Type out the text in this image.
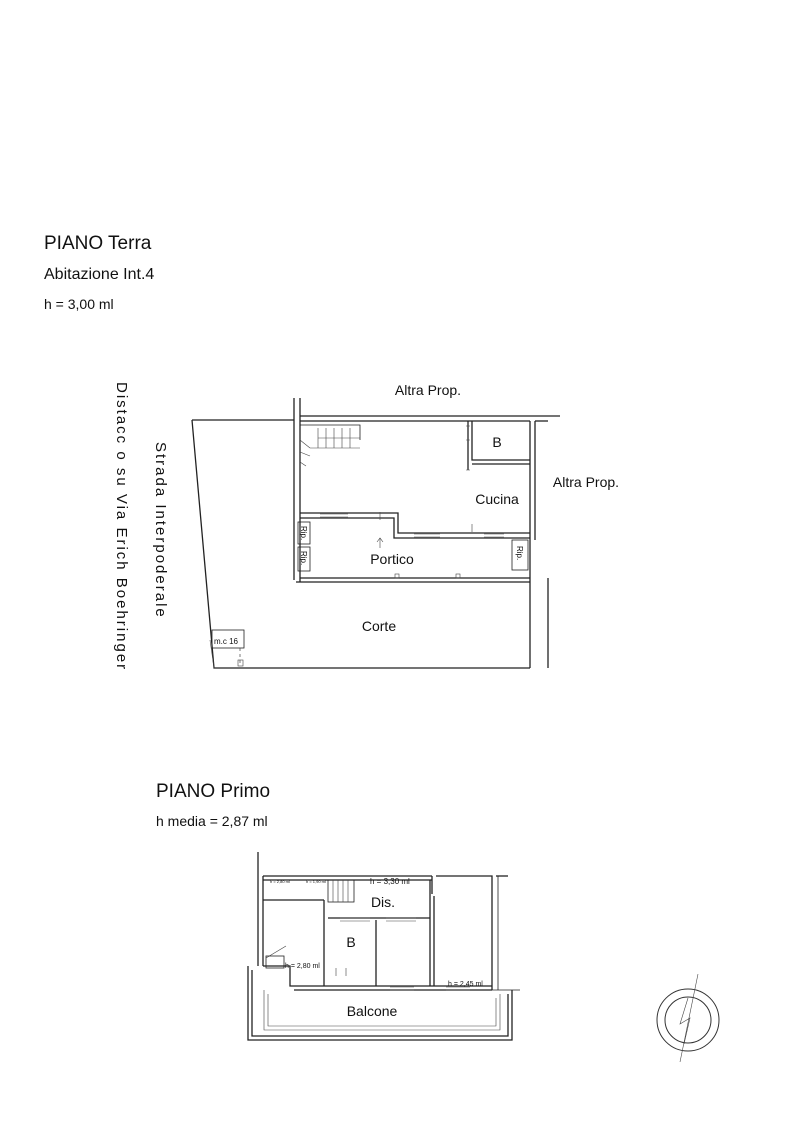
PIANO Terra
Abitazione Int.4
h = 3,00 ml
PIANO Primo
h media = 2,87 ml
Altra Prop.
Altra Prop.
B
Cucina
Portico
Corte
m.c 16
Rip.
Rip.	Rip.
Distacc o su Via Erich Boehringer Strada Interpoderale
Dis.
B
Balcone
h = 3,30 ml
h = 2,80 ml
h = 2,45 ml
h = 2,80 ml	h = 1,90 ml
